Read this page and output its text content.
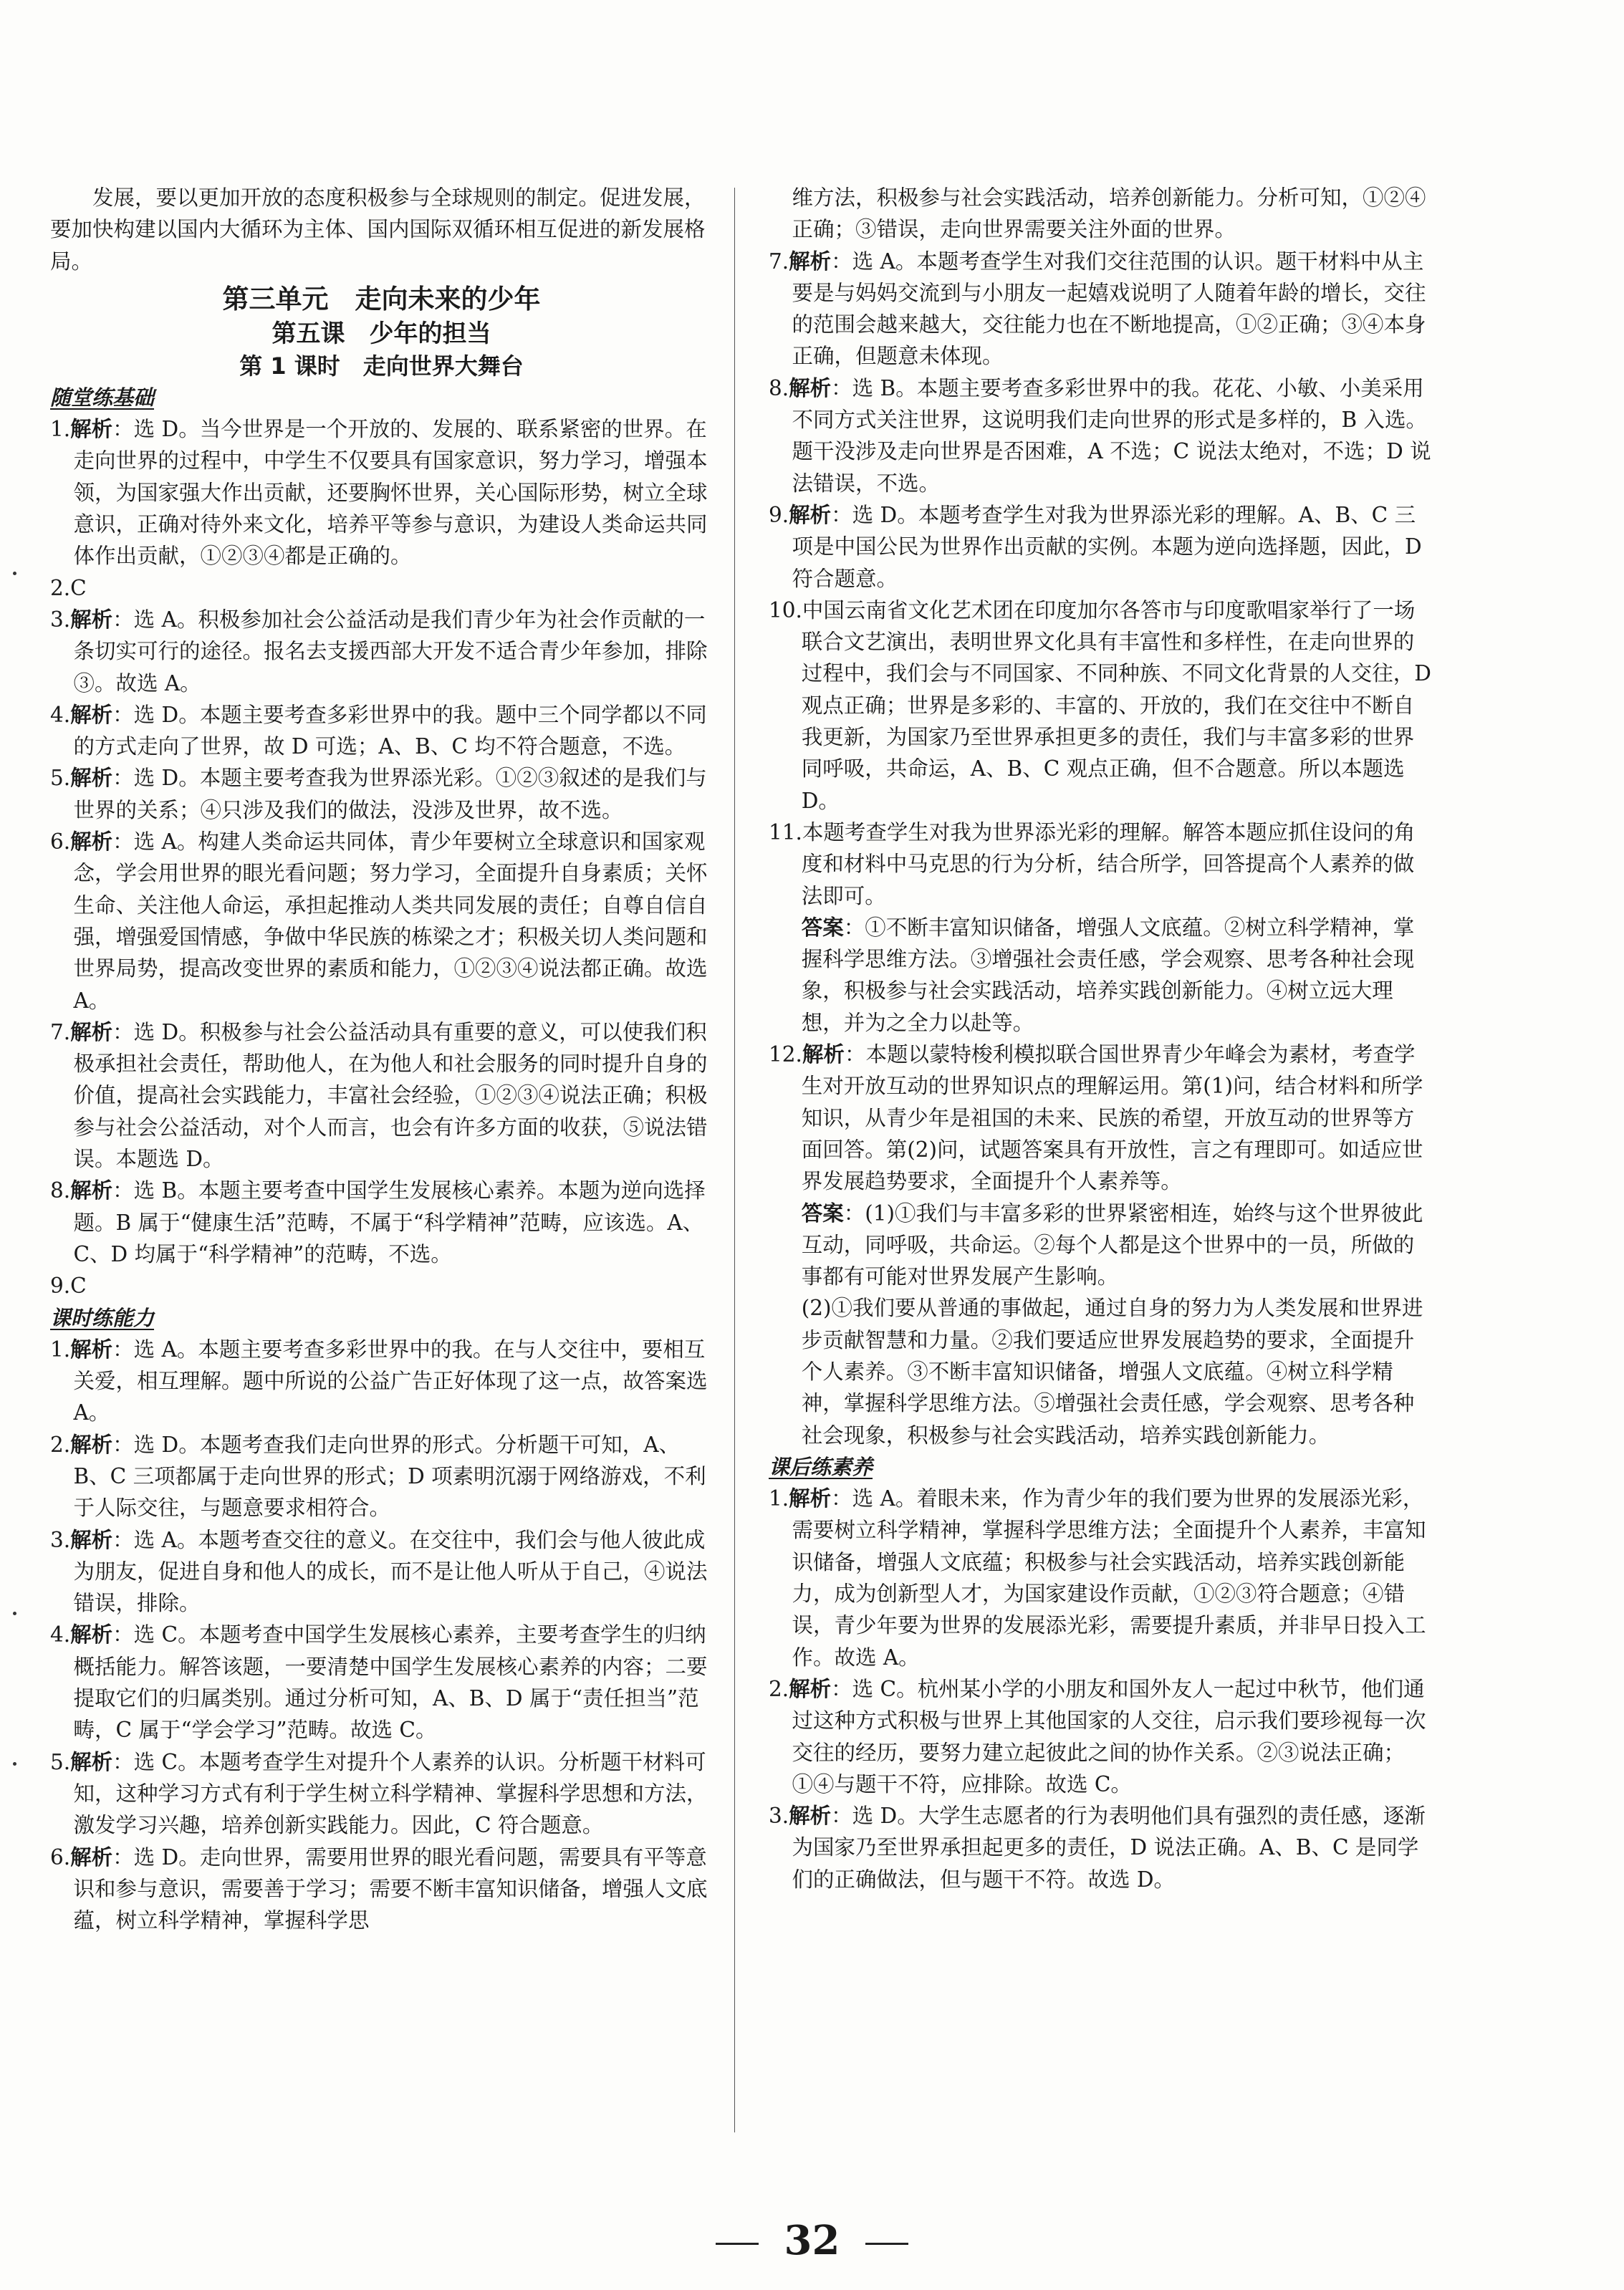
发展，要以更加开放的态度积极参与全球规则的制定。促进发展，要加快构建以国内大循环为主体、国内国际双循环相互促进的新发展格局。

第三单元　走向未来的少年

第五课　少年的担当

第 1 课时　走向世界大舞台

随堂练基础

1.解析：选 D。当今世界是一个开放的、发展的、联系紧密的世界。在走向世界的过程中，中学生不仅要具有国家意识，努力学习，增强本领，为国家强大作出贡献，还要胸怀世界，关心国际形势，树立全球意识，正确对待外来文化，培养平等参与意识，为建设人类命运共同体作出贡献，①②③④都是正确的。

2.C

3.解析：选 A。积极参加社会公益活动是我们青少年为社会作贡献的一条切实可行的途径。报名去支援西部大开发不适合青少年参加，排除③。故选 A。

4.解析：选 D。本题主要考查多彩世界中的我。题中三个同学都以不同的方式走向了世界，故 D 可选；A、B、C 均不符合题意，不选。

5.解析：选 D。本题主要考查我为世界添光彩。①②③叙述的是我们与世界的关系；④只涉及我们的做法，没涉及世界，故不选。

6.解析：选 A。构建人类命运共同体，青少年要树立全球意识和国家观念，学会用世界的眼光看问题；努力学习，全面提升自身素质；关怀生命、关注他人命运，承担起推动人类共同发展的责任；自尊自信自强，增强爱国情感，争做中华民族的栋梁之才；积极关切人类问题和世界局势，提高改变世界的素质和能力，①②③④说法都正确。故选 A。

7.解析：选 D。积极参与社会公益活动具有重要的意义，可以使我们积极承担社会责任，帮助他人，在为他人和社会服务的同时提升自身的价值，提高社会实践能力，丰富社会经验，①②③④说法正确；积极参与社会公益活动，对个人而言，也会有许多方面的收获，⑤说法错误。本题选 D。

8.解析：选 B。本题主要考查中国学生发展核心素养。本题为逆向选择题。B 属于“健康生活”范畴，不属于“科学精神”范畴，应该选。A、C、D 均属于“科学精神”的范畴，不选。

9.C

课时练能力

1.解析：选 A。本题主要考查多彩世界中的我。在与人交往中，要相互关爱，相互理解。题中所说的公益广告正好体现了这一点，故答案选 A。

2.解析：选 D。本题考查我们走向世界的形式。分析题干可知，A、B、C 三项都属于走向世界的形式；D 项素明沉溺于网络游戏，不利于人际交往，与题意要求相符合。

3.解析：选 A。本题考查交往的意义。在交往中，我们会与他人彼此成为朋友，促进自身和他人的成长，而不是让他人听从于自己，④说法错误，排除。

4.解析：选 C。本题考查中国学生发展核心素养，主要考查学生的归纳概括能力。解答该题，一要清楚中国学生发展核心素养的内容；二要提取它们的归属类别。通过分析可知，A、B、D 属于“责任担当”范畴，C 属于“学会学习”范畴。故选 C。

5.解析：选 C。本题考查学生对提升个人素养的认识。分析题干材料可知，这种学习方式有利于学生树立科学精神、掌握科学思想和方法，激发学习兴趣，培养创新实践能力。因此，C 符合题意。

6.解析：选 D。走向世界，需要用世界的眼光看问题，需要具有平等意识和参与意识，需要善于学习；需要不断丰富知识储备，增强人文底蕴，树立科学精神，掌握科学思

维方法，积极参与社会实践活动，培养创新能力。分析可知，①②④正确；③错误，走向世界需要关注外面的世界。

7.解析：选 A。本题考查学生对我们交往范围的认识。题干材料中从主要是与妈妈交流到与小朋友一起嬉戏说明了人随着年龄的增长，交往的范围会越来越大，交往能力也在不断地提高，①②正确；③④本身正确，但题意未体现。

8.解析：选 B。本题主要考查多彩世界中的我。花花、小敏、小美采用不同方式关注世界，这说明我们走向世界的形式是多样的，B 入选。题干没涉及走向世界是否困难，A 不选；C 说法太绝对，不选；D 说法错误，不选。

9.解析：选 D。本题考查学生对我为世界添光彩的理解。A、B、C 三项是中国公民为世界作出贡献的实例。本题为逆向选择题，因此，D 符合题意。

10.中国云南省文化艺术团在印度加尔各答市与印度歌唱家举行了一场联合文艺演出，表明世界文化具有丰富性和多样性，在走向世界的过程中，我们会与不同国家、不同种族、不同文化背景的人交往，D 观点正确；世界是多彩的、丰富的、开放的，我们在交往中不断自我更新，为国家乃至世界承担更多的责任，我们与丰富多彩的世界同呼吸，共命运，A、B、C 观点正确，但不合题意。所以本题选 D。

11.本题考查学生对我为世界添光彩的理解。解答本题应抓住设问的角度和材料中马克思的行为分析，结合所学，回答提高个人素养的做法即可。

答案：①不断丰富知识储备，增强人文底蕴。②树立科学精神，掌握科学思维方法。③增强社会责任感，学会观察、思考各种社会现象，积极参与社会实践活动，培养实践创新能力。④树立远大理想，并为之全力以赴等。

12.解析：本题以蒙特梭利模拟联合国世界青少年峰会为素材，考查学生对开放互动的世界知识点的理解运用。第(1)问，结合材料和所学知识，从青少年是祖国的未来、民族的希望，开放互动的世界等方面回答。第(2)问，试题答案具有开放性，言之有理即可。如适应世界发展趋势要求，全面提升个人素养等。

答案：(1)①我们与丰富多彩的世界紧密相连，始终与这个世界彼此互动，同呼吸，共命运。②每个人都是这个世界中的一员，所做的事都有可能对世界发展产生影响。

(2)①我们要从普通的事做起，通过自身的努力为人类发展和世界进步贡献智慧和力量。②我们要适应世界发展趋势的要求，全面提升个人素养。③不断丰富知识储备，增强人文底蕴。④树立科学精神，掌握科学思维方法。⑤增强社会责任感，学会观察、思考各种社会现象，积极参与社会实践活动，培养实践创新能力。

课后练素养

1.解析：选 A。着眼未来，作为青少年的我们要为世界的发展添光彩，需要树立科学精神，掌握科学思维方法；全面提升个人素养，丰富知识储备，增强人文底蕴；积极参与社会实践活动，培养实践创新能力，成为创新型人才，为国家建设作贡献，①②③符合题意；④错误，青少年要为世界的发展添光彩，需要提升素质，并非早日投入工作。故选 A。

2.解析：选 C。杭州某小学的小朋友和国外友人一起过中秋节，他们通过这种方式积极与世界上其他国家的人交往，启示我们要珍视每一次交往的经历，要努力建立起彼此之间的协作关系。②③说法正确；①④与题干不符，应排除。故选 C。

3.解析：选 D。大学生志愿者的行为表明他们具有强烈的责任感，逐渐为国家乃至世界承担起更多的责任，D 说法正确。A、B、C 是同学们的正确做法，但与题干不符。故选 D。

32
